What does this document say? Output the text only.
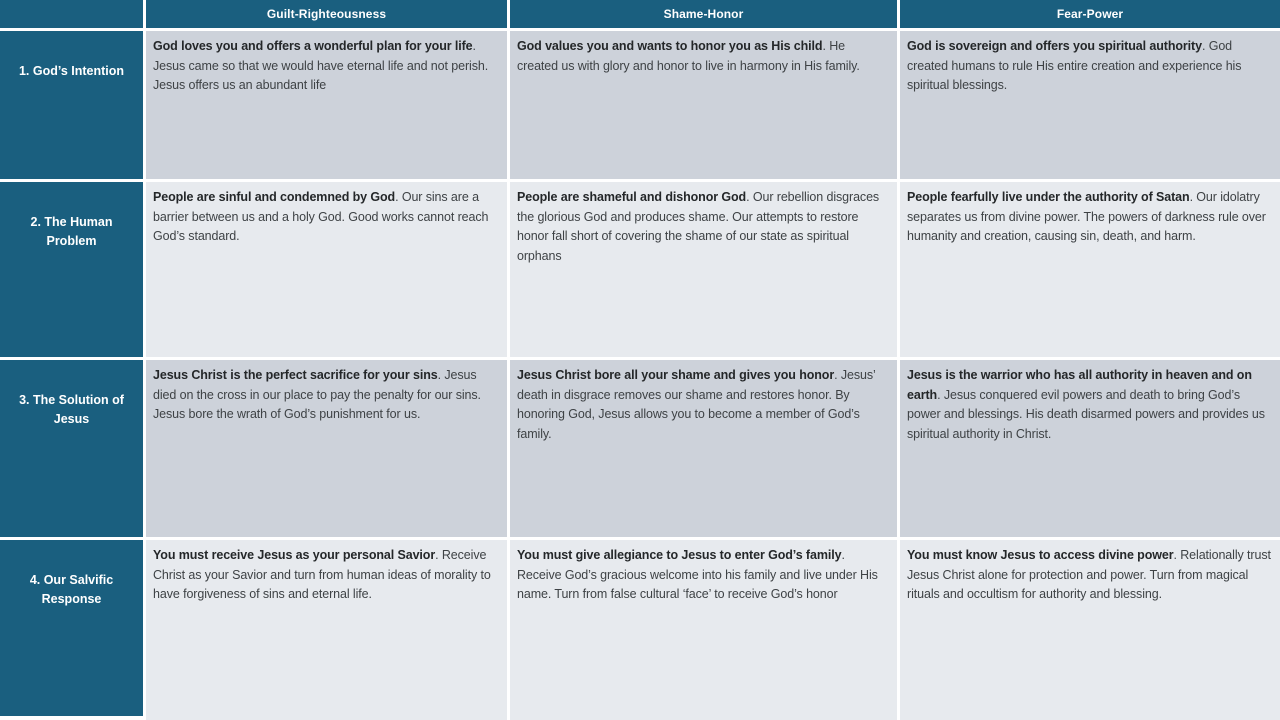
Guilt-Righteousness	Shame-Honor	Fear-Power
1. God’s Intention
God loves you and offers a wonderful plan for your life. Jesus came so that we would have eternal life and not perish. Jesus offers us an abundant life
God values you and wants to honor you as His child. He created us with glory and honor to live in harmony in His family.
God is sovereign and offers you spiritual authority. God created humans to rule His entire creation and experience his spiritual blessings.
2. The Human Problem
People are sinful and condemned by God. Our sins are a barrier between us and a holy God. Good works cannot reach God’s standard.
People are shameful and dishonor God. Our rebellion disgraces the glorious God and produces shame. Our attempts to restore honor fall short of covering the shame of our state as spiritual orphans
People fearfully live under the authority of Satan. Our idolatry separates us from divine power. The powers of darkness rule over humanity and creation, causing sin, death, and harm.
3. The Solution of Jesus
Jesus Christ is the perfect sacrifice for your sins. Jesus died on the cross in our place to pay the penalty for our sins. Jesus bore the wrath of God’s punishment for us.
Jesus Christ bore all your shame and gives you honor. Jesus’ death in disgrace removes our shame and restores honor. By honoring God, Jesus allows you to become a member of God’s family.
Jesus is the warrior who has all authority in heaven and on earth. Jesus conquered evil powers and death to bring God’s power and blessings. His death disarmed powers and provides us spiritual authority in Christ.
4. Our Salvific Response
You must receive Jesus as your personal Savior. Receive Christ as your Savior and turn from human ideas of morality to have forgiveness of sins and eternal life.
You must give allegiance to Jesus to enter God’s family. Receive God’s gracious welcome into his family and live under His name. Turn from false cultural ‘face’ to receive God’s honor
You must know Jesus to access divine power. Relationally trust Jesus Christ alone for protection and power. Turn from magical rituals and occultism for authority and blessing.
